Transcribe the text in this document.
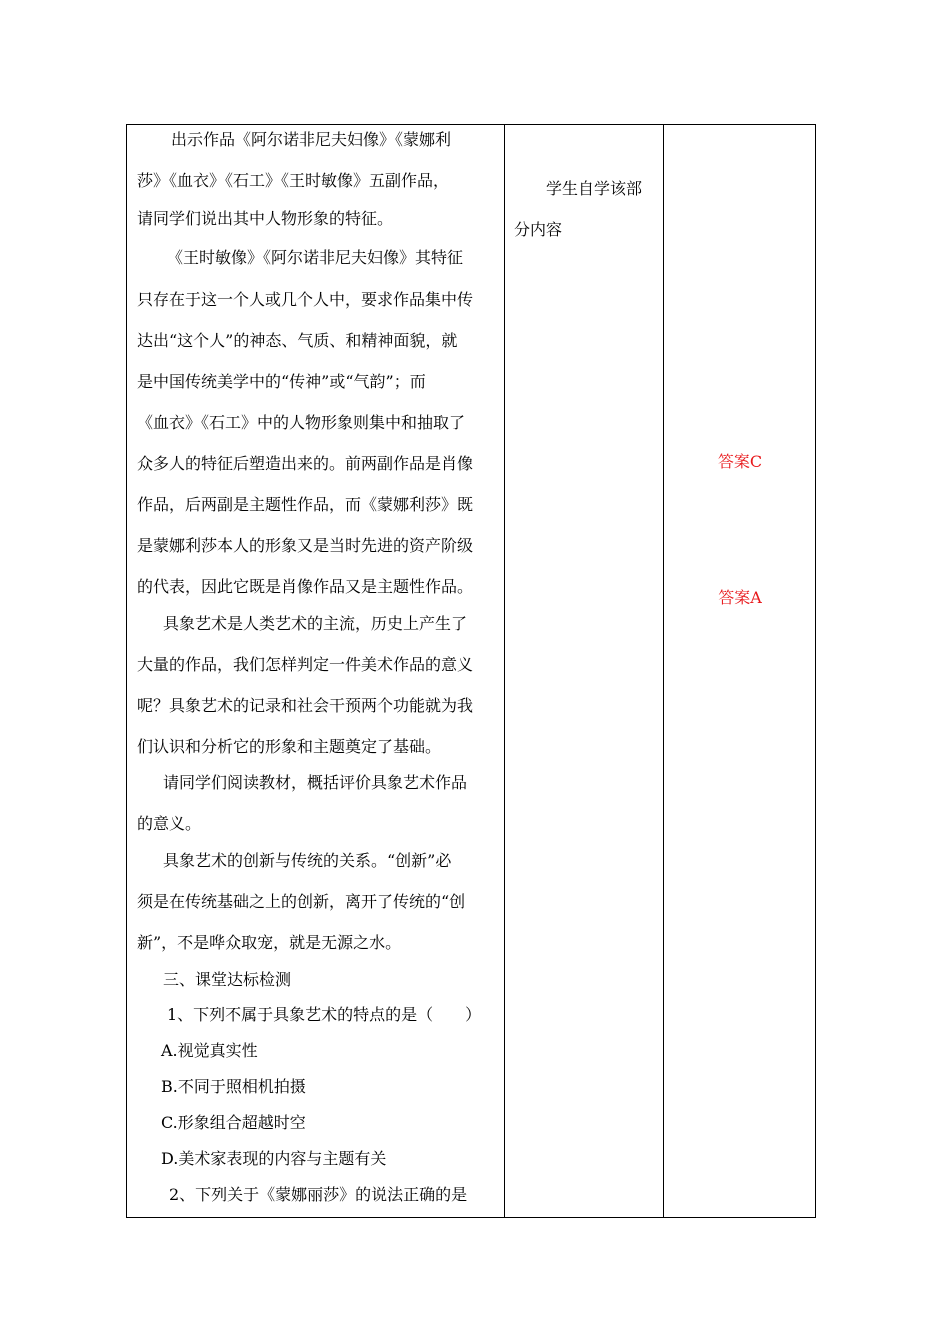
出示作品《阿尔诺非尼夫妇像》《蒙娜利
莎》《血衣》《石工》《王时敏像》五副作品，
请同学们说出其中人物形象的特征。
《王时敏像》《阿尔诺非尼夫妇像》其特征
只存在于这一个人或几个人中，要求作品集中传
达出“这个人”的神态、气质、和精神面貌，就
是中国传统美学中的“传神”或“气韵”；而
《血衣》《石工》中的人物形象则集中和抽取了
众多人的特征后塑造出来的。前两副作品是肖像
作品，后两副是主题性作品，而《蒙娜利莎》既
是蒙娜利莎本人的形象又是当时先进的资产阶级
的代表，因此它既是肖像作品又是主题性作品。
具象艺术是人类艺术的主流，历史上产生了
大量的作品，我们怎样判定一件美术作品的意义
呢？具象艺术的记录和社会干预两个功能就为我
们认识和分析它的形象和主题奠定了基础。
请同学们阅读教材，概括评价具象艺术作品
的意义。
具象艺术的创新与传统的关系。“创新”必
须是在传统基础之上的创新，离开了传统的“创
新”，不是哗众取宠，就是无源之水。
三、课堂达标检测
1、下列不属于具象艺术的特点的是（　　）
A.视觉真实性
B.不同于照相机拍摄
C.形象组合超越时空
D.美术家表现的内容与主题有关
2、下列关于《蒙娜丽莎》的说法正确的是
学生自学该部
分内容
答案C
答案A
